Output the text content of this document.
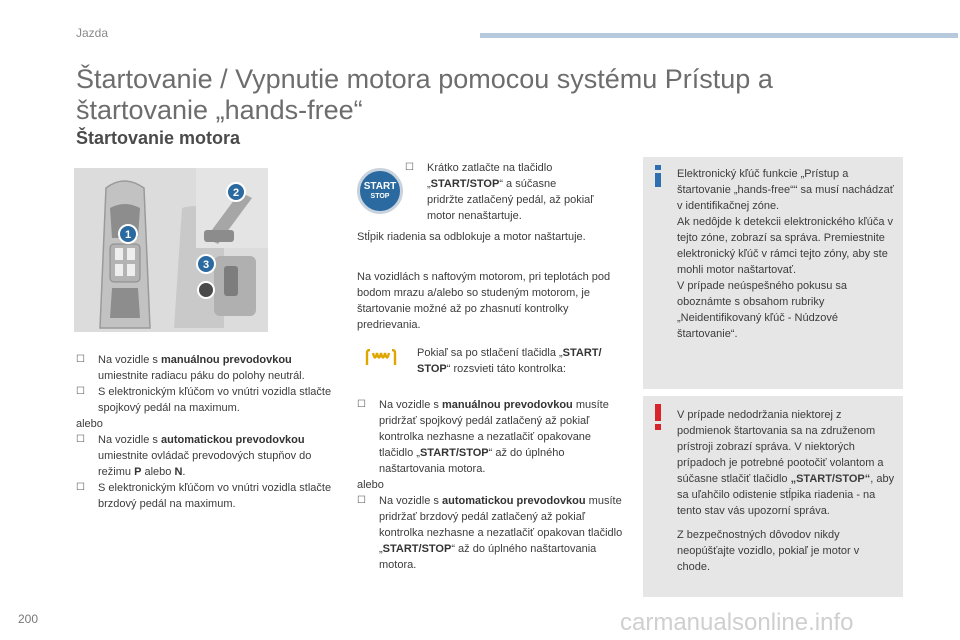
Jazda
Štartovanie / Vypnutie motora pomocou systému Prístup a
štartovanie „hands-free“
Štartovanie motora
1
3
2
☐ Na vozidle s manuálnou prevodovkou umiestnite radiacu páku do polohy neutrál.
☐ S elektronickým kľúčom vo vnútri vozidla stlačte spojkový pedál na maximum.
alebo
☐ Na vozidle s automatickou prevodovkou umiestnite ovládač prevodových stupňov do režimu P alebo N.
☐ S elektronickým kľúčom vo vnútri vozidla stlačte brzdový pedál na maximum.
START
STOP
☐ Krátko zatlačte na tlačidlo „START/STOP“ a súčasne pridržte zatlačený pedál, až pokiaľ motor nenaštartuje.
Stĺpik riadenia sa odblokuje a motor naštartuje.
Na vozidlách s naftovým motorom, pri teplotách pod bodom mrazu a/alebo so studeným motorom, je štartovanie možné až po zhasnutí kontrolky predrievania.
Pokiaľ sa po stlačení tlačidla „START/ STOP“ rozsvieti táto kontrolka:
☐ Na vozidle s manuálnou prevodovkou musíte pridržať spojkový pedál zatlačený až pokiaľ kontrolka nezhasne a nezatlačiť opakovane tlačidlo „START/STOP“ až do úplného naštartovania motora.
alebo
☐ Na vozidle s automatickou prevodovkou musíte pridržať brzdový pedál zatlačený až pokiaľ kontrolka nezhasne a nezatlačiť opakovan tlačidlo „START/STOP“ až do úplného naštartovania motora.
Elektronický kľúč funkcie „Prístup a štartovanie „hands-free““ sa musí nachádzať v identifikačnej zóne.
Ak nedôjde k detekcii elektronického kľúča v tejto zóne, zobrazí sa správa. Premiestnite elektronický kľúč v rámci tejto zóny, aby ste mohli motor naštartovať.
V prípade neúspešného pokusu sa oboznámte s obsahom rubriky „Neidentifikovaný kľúč - Núdzové štartovanie“.
V prípade nedodržania niektorej z podmienok štartovania sa na združenom prístroji zobrazí správa. V niektorých prípadoch je potrebné pootočiť volantom a súčasne stlačiť tlačidlo „START/STOP“, aby sa uľahčilo odistenie stĺpika riadenia - na tento stav vás upozorní správa.
Z bezpečnostných dôvodov nikdy neopúšťajte vozidlo, pokiaľ je motor v chode.
200	carmanualsonline.info
